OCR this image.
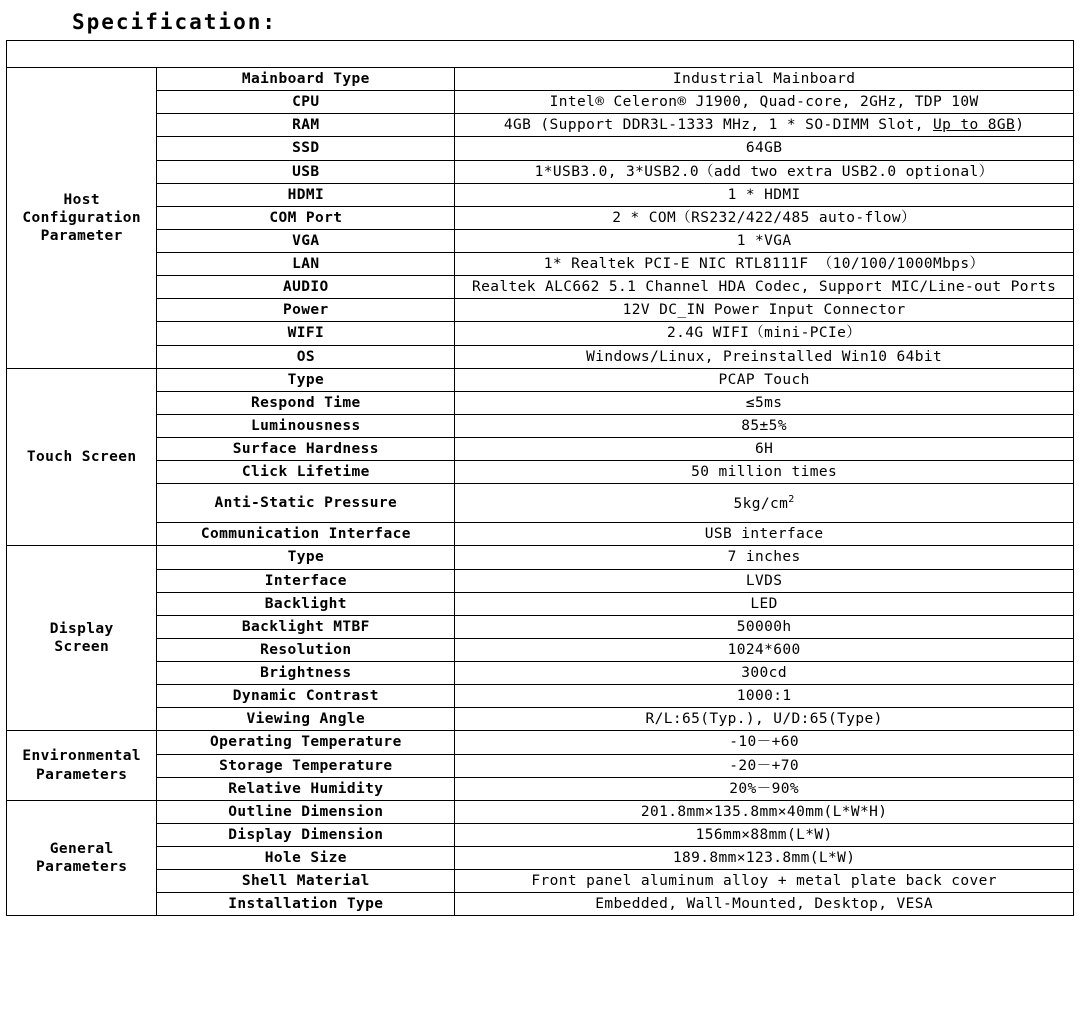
Specification:

Host
Configuration
Parameter	Mainboard Type	Industrial Mainboard
	CPU	Intel® Celeron® J1900, Quad-core, 2GHz, TDP 10W
	RAM	4GB (Support DDR3L-1333 MHz, 1 * SO-DIMM Slot, Up to 8GB)
	SSD	64GB
	USB	1*USB3.0, 3*USB2.0（add two extra USB2.0 optional）
	HDMI	1 * HDMI
	COM Port	2 * COM（RS232/422/485 auto-flow）
	VGA	1 *VGA
	LAN	1* Realtek PCI-E NIC RTL8111F （10/100/1000Mbps）
	AUDIO	Realtek ALC662 5.1 Channel HDA Codec, Support MIC/Line-out Ports
	Power	12V DC_IN Power Input Connector
	WIFI	2.4G WIFI（mini-PCIe）
	OS	Windows/Linux, Preinstalled Win10 64bit
Touch Screen	Type	PCAP Touch
	Respond Time	≤5ms
	Luminousness	85±5%
	Surface Hardness	6H
	Click Lifetime	50 million times
	Anti-Static Pressure	$5kg/cm^2$
	Communication Interface	USB interface
Display
Screen	Type	7 inches
	Interface	LVDS
	Backlight	LED
	Backlight MTBF	50000h
	Resolution	1024*600
	Brightness	300cd
	Dynamic Contrast	1000:1
	Viewing Angle	R/L:65(Typ.), U/D:65(Type)
Environmental
Parameters	Operating Temperature	-10－+60
	Storage Temperature	-20－+70
	Relative Humidity	20%－90%
General
Parameters	Outline Dimension	201.8mm×135.8mm×40mm(L*W*H)
	Display Dimension	156mm×88mm(L*W)
	Hole Size	189.8mm×123.8mm(L*W)
	Shell Material	Front panel aluminum alloy + metal plate back cover
	Installation Type	Embedded, Wall-Mounted, Desktop, VESA
